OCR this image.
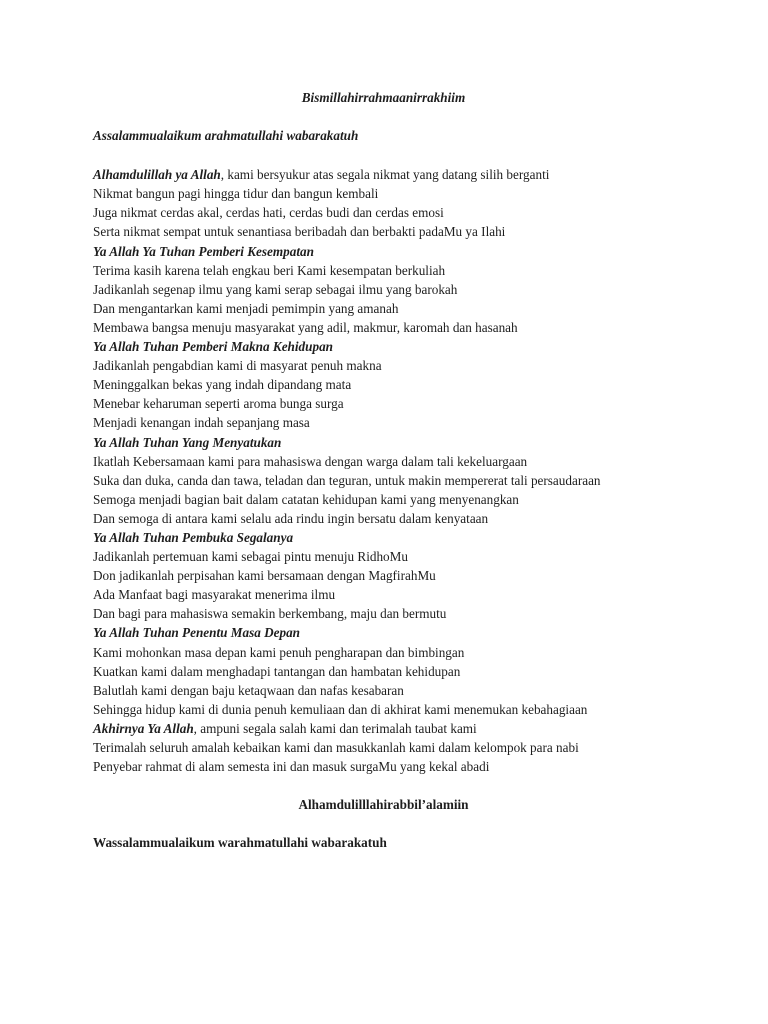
Bismillahirrahmaanirrakhiim

Assalammualaikum arahmatullahi wabarakatuh

Alhamdulillah ya Allah, kami bersyukur atas segala nikmat yang datang silih berganti

Nikmat bangun pagi hingga tidur dan bangun kembali

Juga nikmat cerdas akal, cerdas hati, cerdas budi dan cerdas emosi

Serta nikmat sempat untuk senantiasa beribadah dan berbakti padaMu ya Ilahi

Ya Allah Ya Tuhan Pemberi Kesempatan

Terima kasih karena telah engkau beri Kami kesempatan berkuliah

Jadikanlah segenap ilmu yang kami serap sebagai ilmu yang barokah

Dan mengantarkan kami menjadi pemimpin yang amanah

Membawa bangsa menuju masyarakat yang adil, makmur, karomah dan hasanah

Ya Allah Tuhan Pemberi Makna Kehidupan

Jadikanlah pengabdian kami di masyarat penuh makna

Meninggalkan bekas yang indah dipandang mata

Menebar keharuman seperti aroma bunga surga

Menjadi kenangan indah sepanjang masa

Ya Allah Tuhan Yang Menyatukan

Ikatlah Kebersamaan kami para mahasiswa dengan warga dalam tali kekeluargaan

Suka dan duka, canda dan tawa, teladan dan teguran, untuk makin mempererat tali persaudaraan

Semoga menjadi bagian bait dalam catatan kehidupan kami yang menyenangkan

Dan semoga di antara kami selalu ada rindu ingin bersatu dalam kenyataan

Ya Allah Tuhan Pembuka Segalanya

Jadikanlah pertemuan kami sebagai pintu menuju RidhoMu

Don jadikanlah perpisahan kami bersamaan dengan MagfirahMu

Ada Manfaat bagi masyarakat menerima ilmu

Dan bagi para mahasiswa semakin berkembang, maju dan bermutu

Ya Allah Tuhan Penentu Masa Depan

Kami mohonkan masa depan kami penuh pengharapan dan bimbingan

Kuatkan kami dalam menghadapi tantangan dan hambatan kehidupan

Balutlah kami dengan baju ketaqwaan dan nafas kesabaran

Sehingga hidup kami di dunia penuh kemuliaan dan di akhirat kami menemukan kebahagiaan

Akhirnya Ya Allah, ampuni segala salah kami dan terimalah taubat kami

Terimalah seluruh amalah kebaikan kami dan masukkanlah kami dalam kelompok para nabi

Penyebar rahmat di alam semesta ini dan masuk surgaMu yang kekal abadi

Alhamdulilllahirabbil’alamiin

Wassalammualaikum warahmatullahi wabarakatuh
